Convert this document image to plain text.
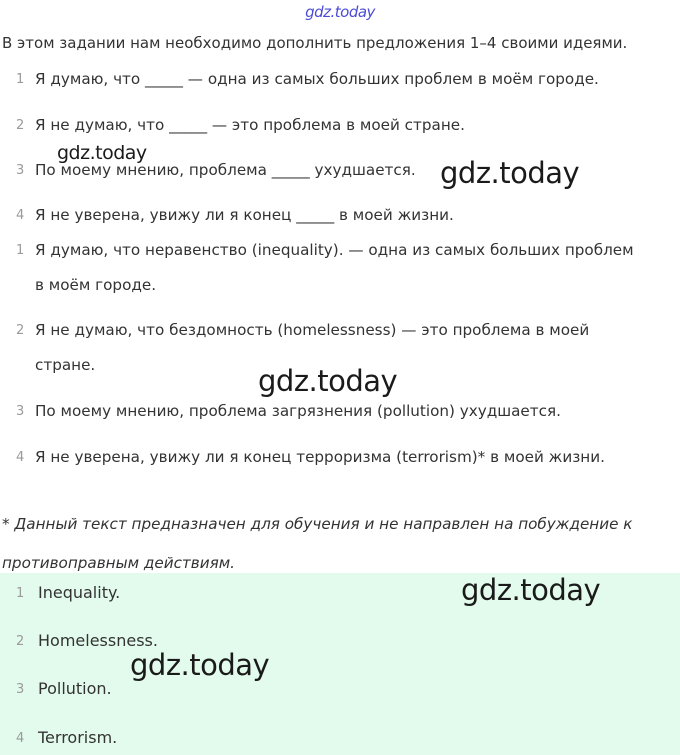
gdz.today
В этом задании нам необходимо дополнить предложения 1–4 своими идеями.
1 Я думаю, что _____ — одна из самых больших проблем в моём городе.
2 Я не думаю, что _____ — это проблема в моей стране.
3 По моему мнению, проблема _____ ухудшается.
4 Я не уверена, увижу ли я конец _____ в моей жизни.
1 Я думаю, что неравенство (inequality). — одна из самых больших проблем в моём городе.
2 Я не думаю, что бездомность (homelessness) — это проблема в моей стране.
3 По моему мнению, проблема загрязнения (pollution) ухудшается.
4 Я не уверена, увижу ли я конец терроризма (terrorism)* в моей жизни.
* Данный текст предназначен для обучения и не направлен на побуждение к противоправным действиям.
1 Inequality.
2 Homelessness.
3 Pollution.
4 Terrorism.
gdz.today
gdz.today
gdz.today
gdz.today
gdz.today
